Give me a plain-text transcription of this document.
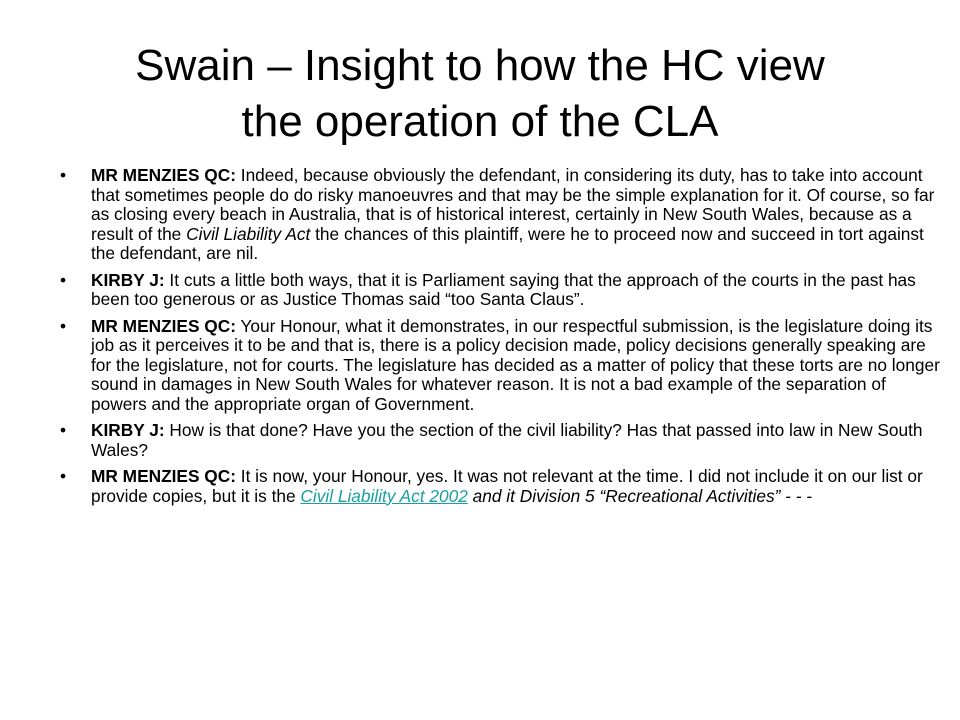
Swain – Insight to how the HC view
the operation of the CLA
• MR MENZIES QC: Indeed, because obviously the defendant, in considering its duty, has to take into account that sometimes people do do risky manoeuvres and that may be the simple explanation for it. Of course, so far as closing every beach in Australia, that is of historical interest, certainly in New South Wales, because as a result of the Civil Liability Act the chances of this plaintiff, were he to proceed now and succeed in tort against the defendant, are nil.
• KIRBY J: It cuts a little both ways, that it is Parliament saying that the approach of the courts in the past has been too generous or as Justice Thomas said “too Santa Claus”.
• MR MENZIES QC: Your Honour, what it demonstrates, in our respectful submission, is the legislature doing its job as it perceives it to be and that is, there is a policy decision made, policy decisions generally speaking are for the legislature, not for courts. The legislature has decided as a matter of policy that these torts are no longer sound in damages in New South Wales for whatever reason. It is not a bad example of the separation of powers and the appropriate organ of Government.
• KIRBY J: How is that done? Have you the section of the civil liability? Has that passed into law in New South Wales?
• MR MENZIES QC: It is now, your Honour, yes. It was not relevant at the time. I did not include it on our list or provide copies, but it is the Civil Liability Act 2002 and it Division 5 “Recreational Activities” - - -
